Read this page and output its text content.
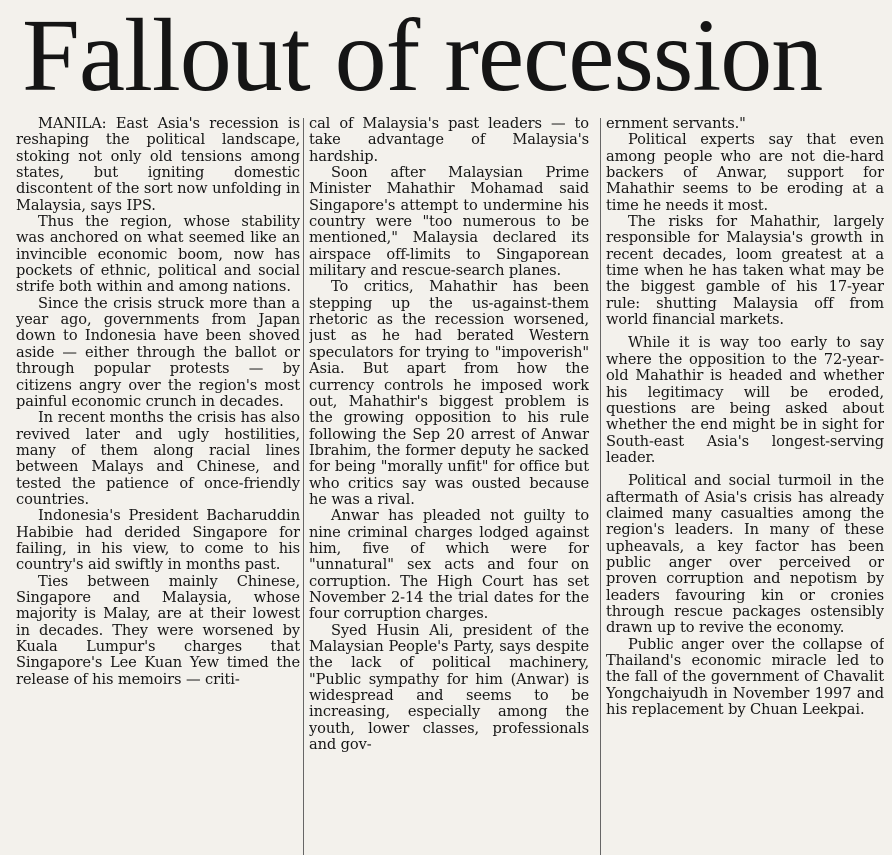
Fallout of recession

MANILA: East Asia's recession is reshaping the political landscape, stoking not only old tensions among states, but igniting domestic discontent of the sort now unfolding in Malaysia, says IPS.

Thus the region, whose stability was anchored on what seemed like an invincible economic boom, now has pockets of ethnic, political and social strife both within and among nations.

Since the crisis struck more than a year ago, governments from Japan down to Indonesia have been shoved aside — either through the ballot or through popular protests — by citizens angry over the region's most painful economic crunch in decades.

In recent months the crisis has also revived later and ugly hostilities, many of them along racial lines between Malays and Chinese, and tested the patience of once-friendly countries.

Indonesia's President Bacharuddin Habibie had derided Singapore for failing, in his view, to come to his country's aid swiftly in months past.

Ties between mainly Chinese, Singapore and Malaysia, whose majority is Malay, are at their lowest in decades. They were worsened by Kuala Lumpur's charges that Singapore's Lee Kuan Yew timed the release of his memoirs — criti-

cal of Malaysia's past leaders — to take advantage of Malaysia's hardship.

Soon after Malaysian Prime Minister Mahathir Mohamad said Singapore's attempt to undermine his country were "too numerous to be mentioned," Malaysia declared its airspace off-limits to Singaporean military and rescue-search planes.

To critics, Mahathir has been stepping up the us-against-them rhetoric as the recession worsened, just as he had berated Western speculators for trying to "impoverish" Asia. But apart from how the currency controls he imposed work out, Mahathir's biggest problem is the growing opposition to his rule following the Sep 20 arrest of Anwar Ibrahim, the former deputy he sacked for being "morally unfit" for office but who critics say was ousted because he was a rival.

Anwar has pleaded not guilty to nine criminal charges lodged against him, five of which were for "unnatural" sex acts and four on corruption. The High Court has set November 2-14 the trial dates for the four corruption charges.

Syed Husin Ali, president of the Malaysian People's Party, says despite the lack of political machinery, "Public sympathy for him (Anwar) is widespread and seems to be increasing, especially among the youth, lower classes, professionals and gov-

ernment servants."

Political experts say that even among people who are not die-hard backers of Anwar, support for Mahathir seems to be eroding at a time he needs it most.

The risks for Mahathir, largely responsible for Malaysia's growth in recent decades, loom greatest at a time when he has taken what may be the biggest gamble of his 17-year rule: shutting Malaysia off from world financial markets.

While it is way too early to say where the opposition to the 72-year-old Mahathir is headed and whether his legitimacy will be eroded, questions are being asked about whether the end might be in sight for South-east Asia's longest-serving leader.

Political and social turmoil in the aftermath of Asia's crisis has already claimed many casualties among the region's leaders. In many of these upheavals, a key factor has been public anger over perceived or proven corruption and nepotism by leaders favouring kin or cronies through rescue packages ostensibly drawn up to revive the economy.

Public anger over the collapse of Thailand's economic miracle led to the fall of the government of Chavalit Yongchaiyudh in November 1997 and his replacement by Chuan Leekpai.
